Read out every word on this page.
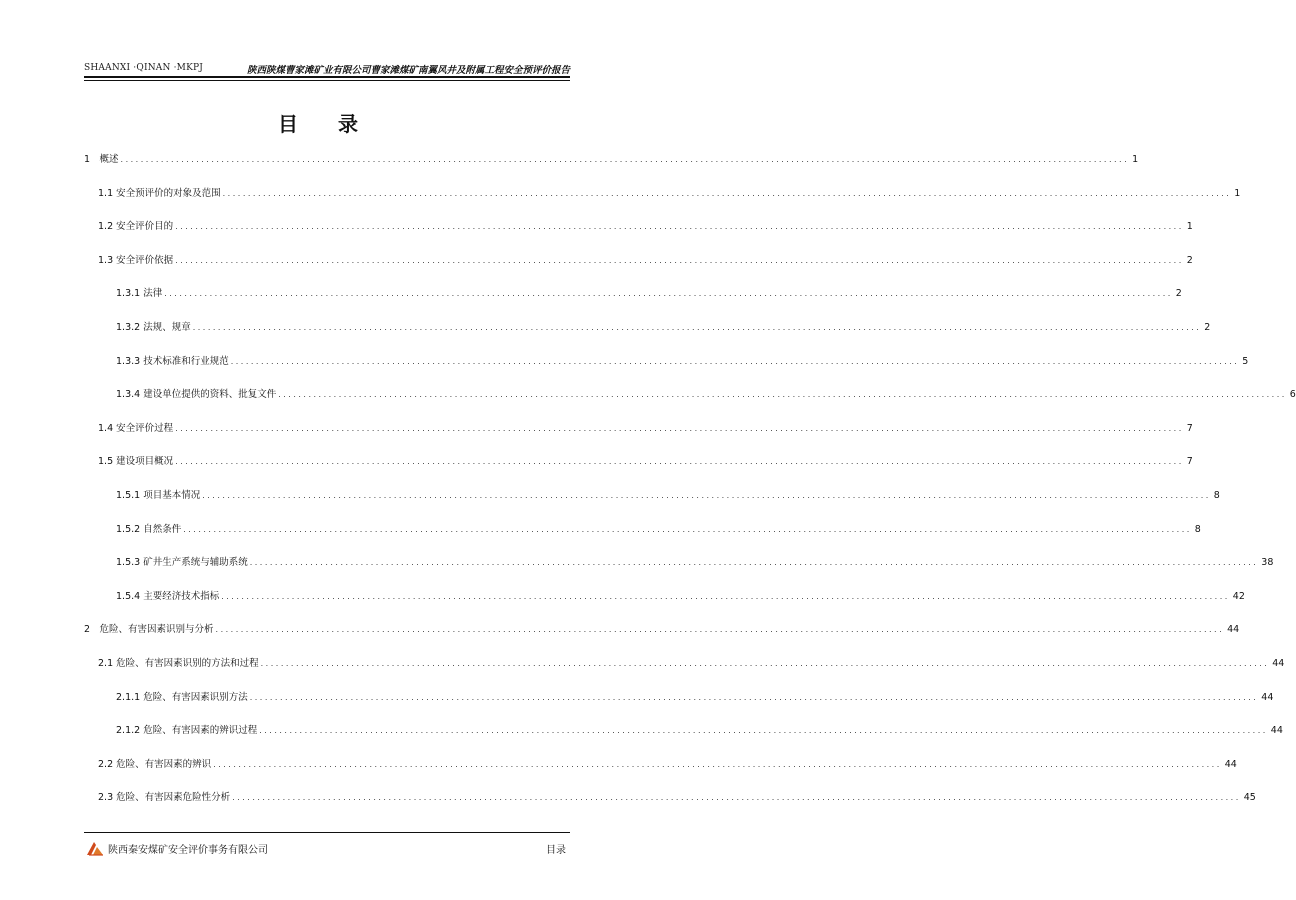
SHAANXI ·QINAN ·MKPJ	陕西陕煤曹家滩矿业有限公司曹家滩煤矿南翼风井及附属工程安全预评价报告
目　录
1　概述 ........................................................................................................................................................................................................ 1
1.1 安全预评价的对象及范围 ........................................................................................................................................................................................................ 1
1.2 安全评价目的 ........................................................................................................................................................................................................ 1
1.3 安全评价依据 ........................................................................................................................................................................................................ 2
1.3.1 法律 ........................................................................................................................................................................................................ 2
1.3.2 法规、规章 ........................................................................................................................................................................................................ 2
1.3.3 技术标准和行业规范 ........................................................................................................................................................................................................ 5
1.3.4 建设单位提供的资料、批复文件 ........................................................................................................................................................................................................ 6
1.4 安全评价过程 ........................................................................................................................................................................................................ 7
1.5 建设项目概况 ........................................................................................................................................................................................................ 7
1.5.1 项目基本情况 ........................................................................................................................................................................................................ 8
1.5.2 自然条件 ........................................................................................................................................................................................................ 8
1.5.3 矿井生产系统与辅助系统 ........................................................................................................................................................................................................ 38
1.5.4 主要经济技术指标 ........................................................................................................................................................................................................ 42
2　危险、有害因素识别与分析 ........................................................................................................................................................................................................ 44
2.1 危险、有害因素识别的方法和过程 ........................................................................................................................................................................................................ 44
2.1.1 危险、有害因素识别方法 ........................................................................................................................................................................................................ 44
2.1.2 危险、有害因素的辨识过程 ........................................................................................................................................................................................................ 44
2.2 危险、有害因素的辨识 ........................................................................................................................................................................................................ 44
2.3 危险、有害因素危险性分析 ........................................................................................................................................................................................................ 45
陕西秦安煤矿安全评价事务有限公司	目录
